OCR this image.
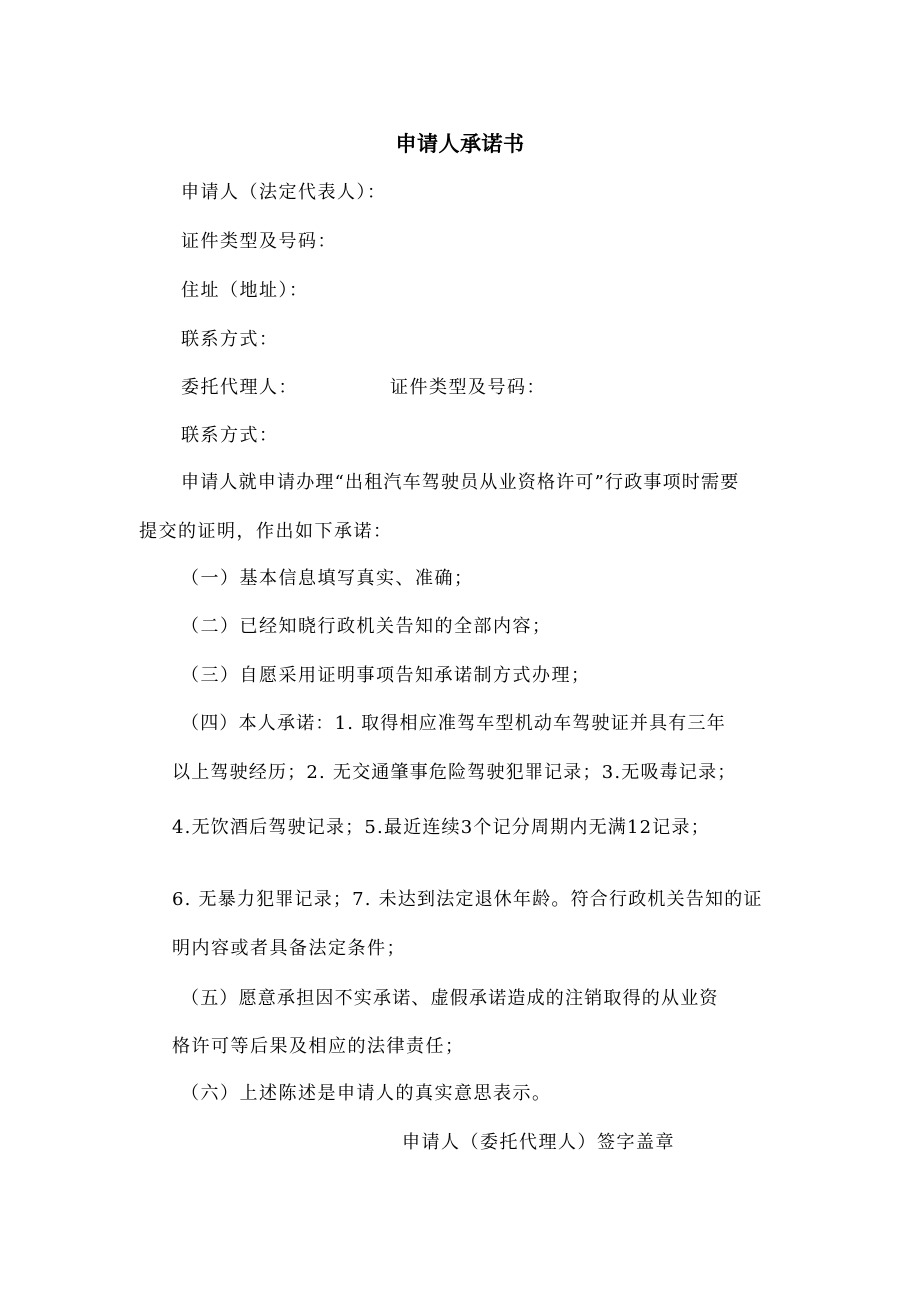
申请人承诺书
申请人（法定代表人）：
证件类型及号码：
住址（地址）：
联系方式：
委托代理人：	证件类型及号码：
联系方式：
申请人就申请办理“出租汽车驾驶员从业资格许可”行政事项时需要
提交的证明，作出如下承诺：
（一）基本信息填写真实、准确；
（二）已经知晓行政机关告知的全部内容；
（三）自愿采用证明事项告知承诺制方式办理；
（四）本人承诺：1. 取得相应准驾车型机动车驾驶证并具有三年
以上驾驶经历；2. 无交通肇事危险驾驶犯罪记录；3.无吸毒记录；
4.无饮酒后驾驶记录；5.最近连续3个记分周期内无满12记录；
6. 无暴力犯罪记录；7. 未达到法定退休年龄。符合行政机关告知的证
明内容或者具备法定条件；
（五）愿意承担因不实承诺、虚假承诺造成的注销取得的从业资
格许可等后果及相应的法律责任；
（六）上述陈述是申请人的真实意思表示。
申请人（委托代理人）签字盖章
